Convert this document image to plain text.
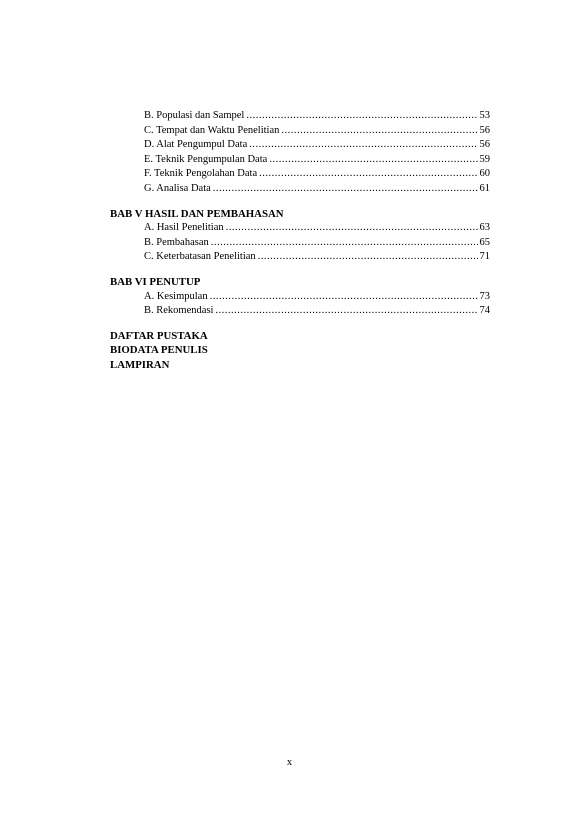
B. Populasi dan Sampel .....	53
C. Tempat dan Waktu Penelitian .....	56
D. Alat Pengumpul Data .....	56
E. Teknik Pengumpulan Data .....	59
F. Teknik Pengolahan Data .....	60
G. Analisa Data .....	61
BAB V HASIL DAN PEMBAHASAN
A. Hasil Penelitian .....	63
B. Pembahasan .....	65
C. Keterbatasan Penelitian .....	71
BAB VI PENUTUP
A. Kesimpulan .....	73
B. Rekomendasi .....	74
DAFTAR PUSTAKA
BIODATA PENULIS
LAMPIRAN
x
